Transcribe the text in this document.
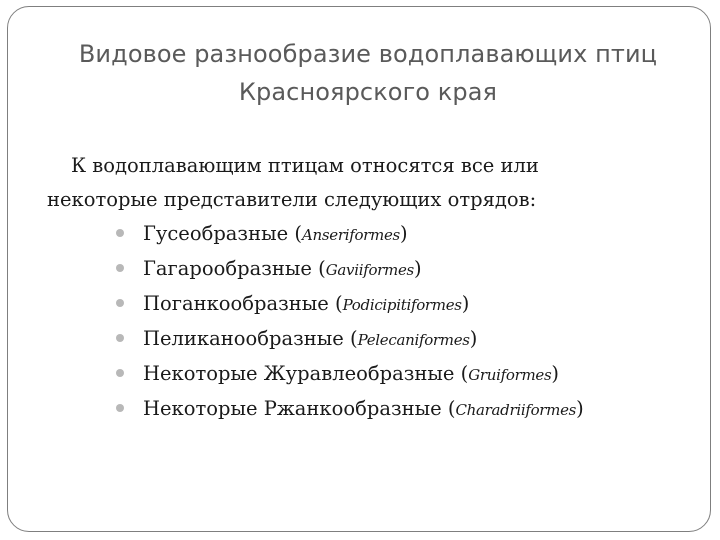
Видовое разнообразие водоплавающих птиц
Красноярского края
К водоплавающим птицам относятся все или
некоторые представители следующих отрядов:
Гусеобразные (Anseriformes)
Гагарообразные (Gaviiformes)
Поганкообразные (Podicipitiformes)
Пеликанообразные (Pelecaniformes)
Некоторые Журавлеобразные (Gruiformes)
Некоторые Ржанкообразные (Charadriiformes)
